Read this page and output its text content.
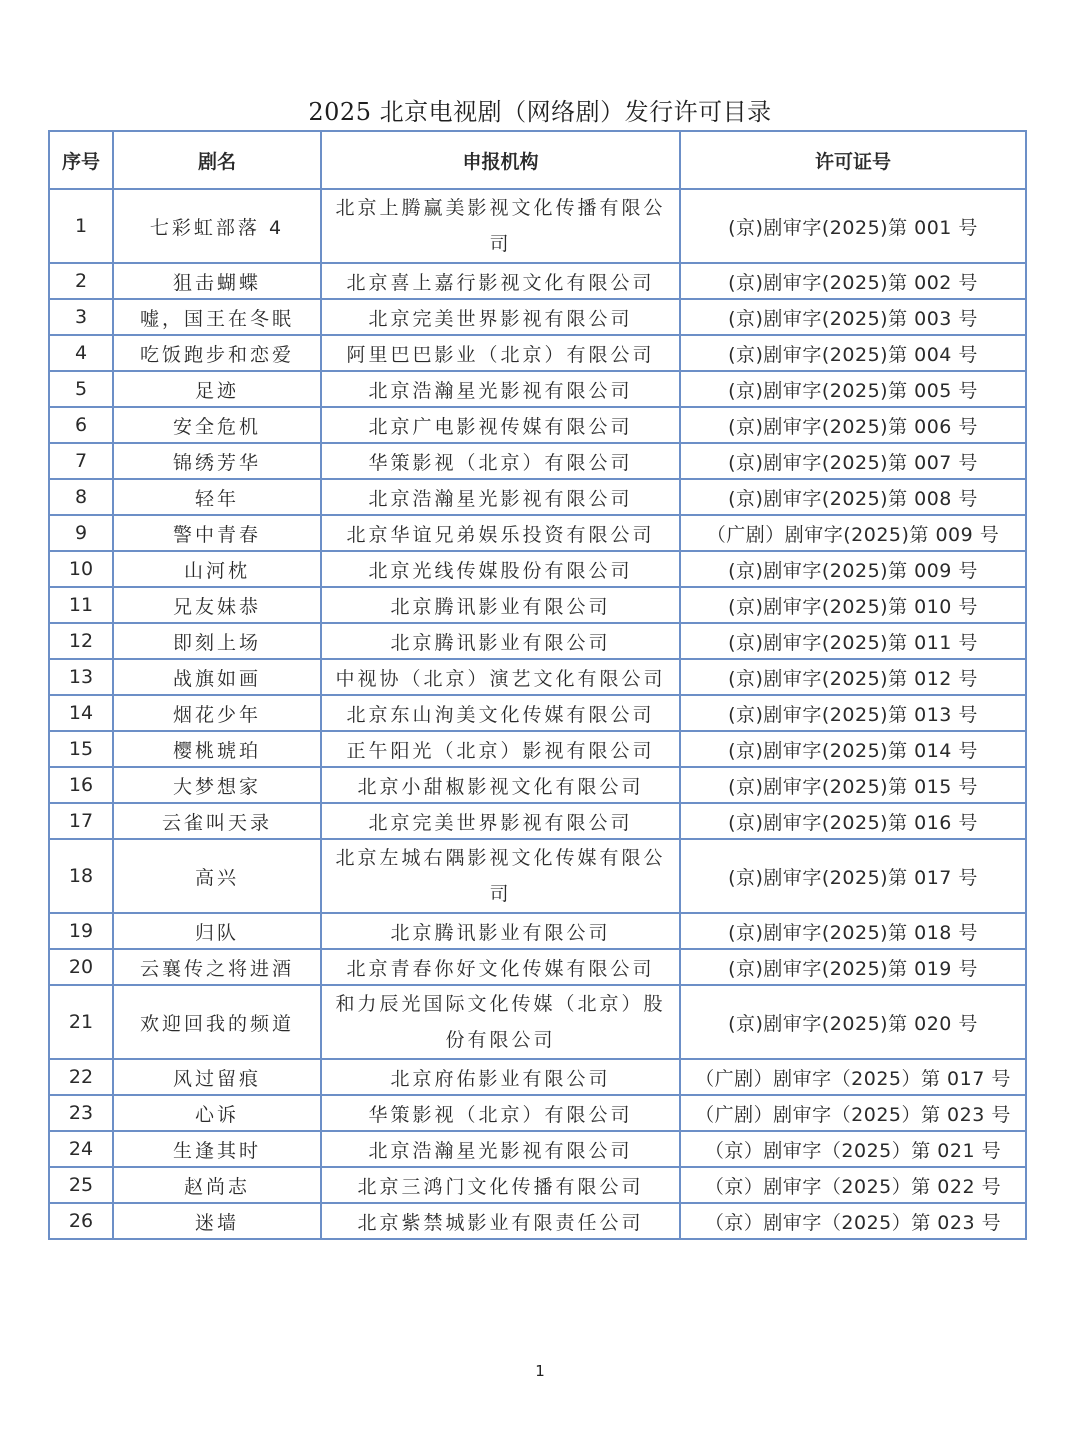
2025 北京电视剧（网络剧）发行许可目录
序号	剧名	申报机构	许可证号
1	七彩虹部落 4	北京上腾赢美影视文化传播有限公司	(京)剧审字(2025)第 001 号
2	狙击蝴蝶	北京喜上嘉行影视文化有限公司	(京)剧审字(2025)第 002 号
3	嘘，国王在冬眠	北京完美世界影视有限公司	(京)剧审字(2025)第 003 号
4	吃饭跑步和恋爱	阿里巴巴影业（北京）有限公司	(京)剧审字(2025)第 004 号
5	足迹	北京浩瀚星光影视有限公司	(京)剧审字(2025)第 005 号
6	安全危机	北京广电影视传媒有限公司	(京)剧审字(2025)第 006 号
7	锦绣芳华	华策影视（北京）有限公司	(京)剧审字(2025)第 007 号
8	轻年	北京浩瀚星光影视有限公司	(京)剧审字(2025)第 008 号
9	警中青春	北京华谊兄弟娱乐投资有限公司	（广剧）剧审字(2025)第 009 号
10	山河枕	北京光线传媒股份有限公司	(京)剧审字(2025)第 009 号
11	兄友妹恭	北京腾讯影业有限公司	(京)剧审字(2025)第 010 号
12	即刻上场	北京腾讯影业有限公司	(京)剧审字(2025)第 011 号
13	战旗如画	中视协（北京）演艺文化有限公司	(京)剧审字(2025)第 012 号
14	烟花少年	北京东山洵美文化传媒有限公司	(京)剧审字(2025)第 013 号
15	樱桃琥珀	正午阳光（北京）影视有限公司	(京)剧审字(2025)第 014 号
16	大梦想家	北京小甜椒影视文化有限公司	(京)剧审字(2025)第 015 号
17	云雀叫天录	北京完美世界影视有限公司	(京)剧审字(2025)第 016 号
18	高兴	北京左城右隅影视文化传媒有限公司	(京)剧审字(2025)第 017 号
19	归队	北京腾讯影业有限公司	(京)剧审字(2025)第 018 号
20	云襄传之将进酒	北京青春你好文化传媒有限公司	(京)剧审字(2025)第 019 号
21	欢迎回我的频道	和力辰光国际文化传媒（北京）股份有限公司	(京)剧审字(2025)第 020 号
22	风过留痕	北京府佑影业有限公司	（广剧）剧审字（2025）第 017 号
23	心诉	华策影视（北京）有限公司	（广剧）剧审字（2025）第 023 号
24	生逢其时	北京浩瀚星光影视有限公司	（京）剧审字（2025）第 021 号
25	赵尚志	北京三鸿门文化传播有限公司	（京）剧审字（2025）第 022 号
26	迷墙	北京紫禁城影业有限责任公司	（京）剧审字（2025）第 023 号
1
